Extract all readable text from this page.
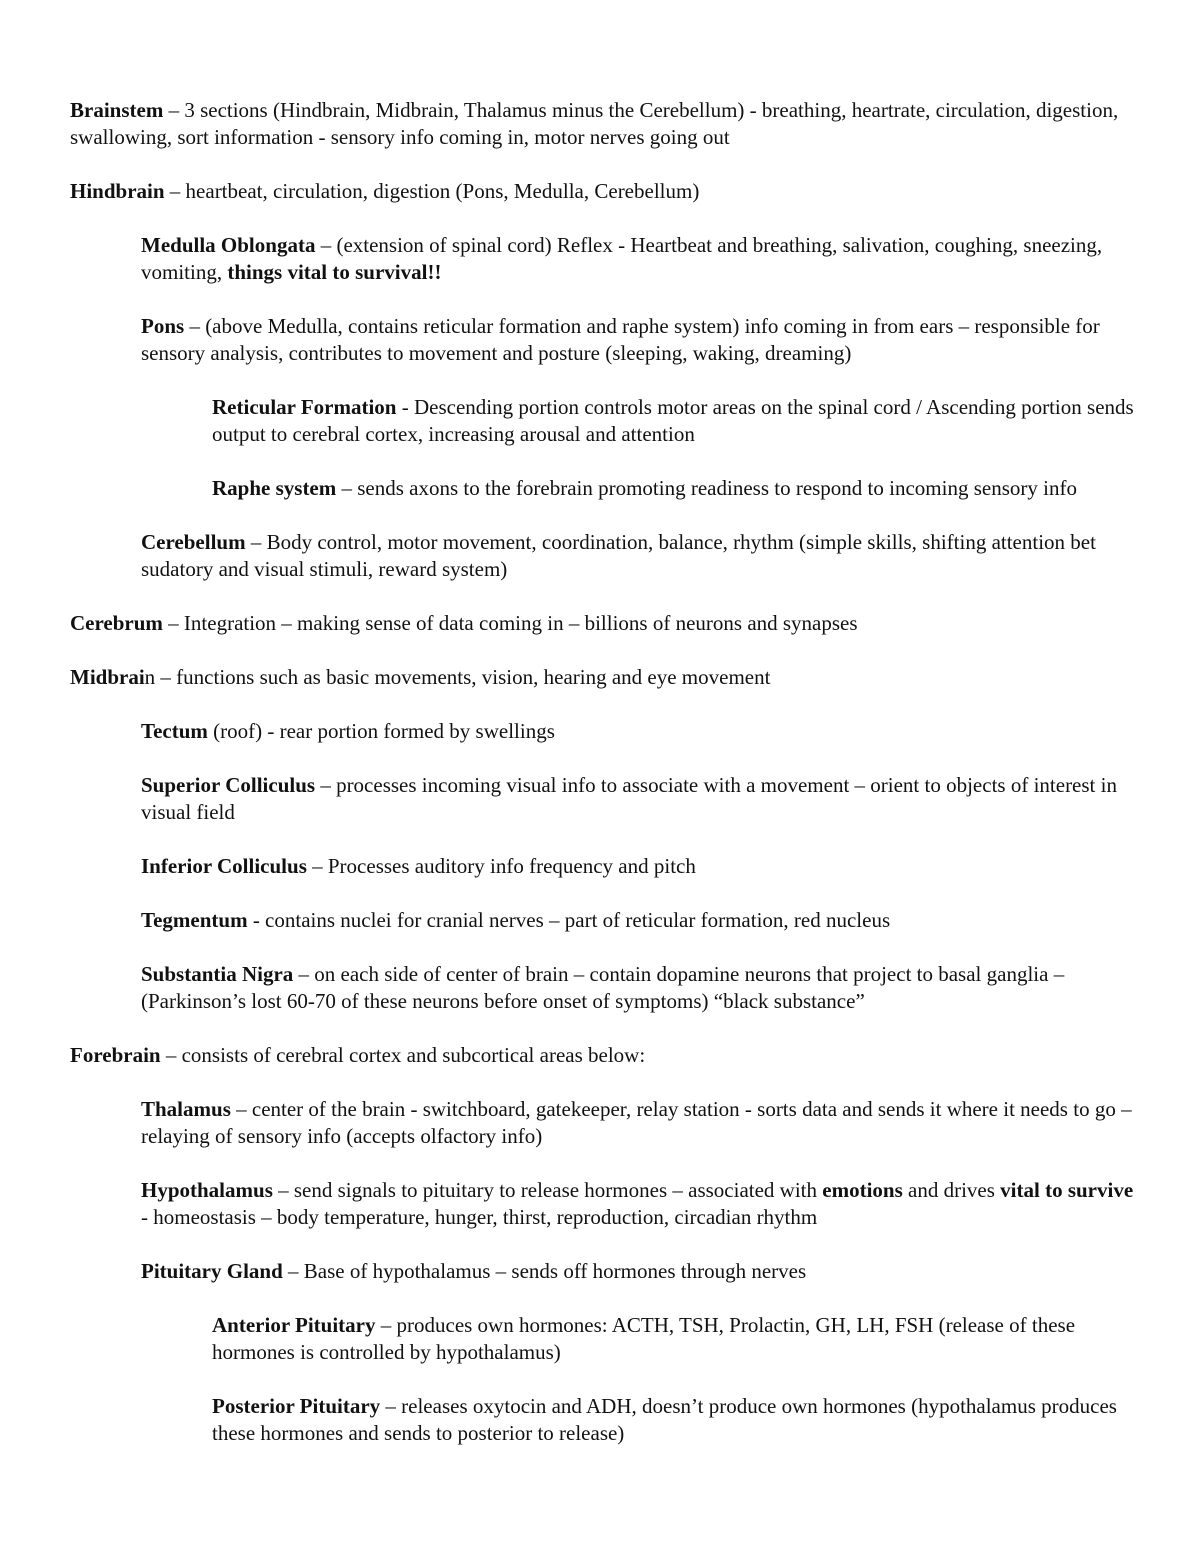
Brainstem – 3 sections (Hindbrain, Midbrain, Thalamus minus the Cerebellum) - breathing, heartrate, circulation, digestion, swallowing, sort information - sensory info coming in, motor nerves going out

Hindbrain – heartbeat, circulation, digestion (Pons, Medulla, Cerebellum)

Medulla Oblongata – (extension of spinal cord) Reflex - Heartbeat and breathing, salivation, coughing, sneezing, vomiting, things vital to survival!!

Pons – (above Medulla, contains reticular formation and raphe system) info coming in from ears – responsible for sensory analysis, contributes to movement and posture (sleeping, waking, dreaming)

Reticular Formation - Descending portion controls motor areas on the spinal cord / Ascending portion sends output to cerebral cortex, increasing arousal and attention

Raphe system – sends axons to the forebrain promoting readiness to respond to incoming sensory info

Cerebellum – Body control, motor movement, coordination, balance, rhythm (simple skills, shifting attention bet sudatory and visual stimuli, reward system)

Cerebrum – Integration – making sense of data coming in – billions of neurons and synapses

Midbrain – functions such as basic movements, vision, hearing and eye movement

Tectum (roof) - rear portion formed by swellings

Superior Colliculus – processes incoming visual info to associate with a movement – orient to objects of interest in visual field

Inferior Colliculus – Processes auditory info frequency and pitch

Tegmentum - contains nuclei for cranial nerves – part of reticular formation, red nucleus

Substantia Nigra – on each side of center of brain – contain dopamine neurons that project to basal ganglia – (Parkinson’s lost 60-70 of these neurons before onset of symptoms) “black substance”

Forebrain – consists of cerebral cortex and subcortical areas below:

Thalamus – center of the brain - switchboard, gatekeeper, relay station - sorts data and sends it where it needs to go – relaying of sensory info (accepts olfactory info)

Hypothalamus – send signals to pituitary to release hormones – associated with emotions and drives vital to survive - homeostasis – body temperature, hunger, thirst, reproduction, circadian rhythm

Pituitary Gland – Base of hypothalamus – sends off hormones through nerves

Anterior Pituitary – produces own hormones: ACTH, TSH, Prolactin, GH, LH, FSH (release of these hormones is controlled by hypothalamus)

Posterior Pituitary – releases oxytocin and ADH, doesn’t produce own hormones (hypothalamus produces these hormones and sends to posterior to release)
